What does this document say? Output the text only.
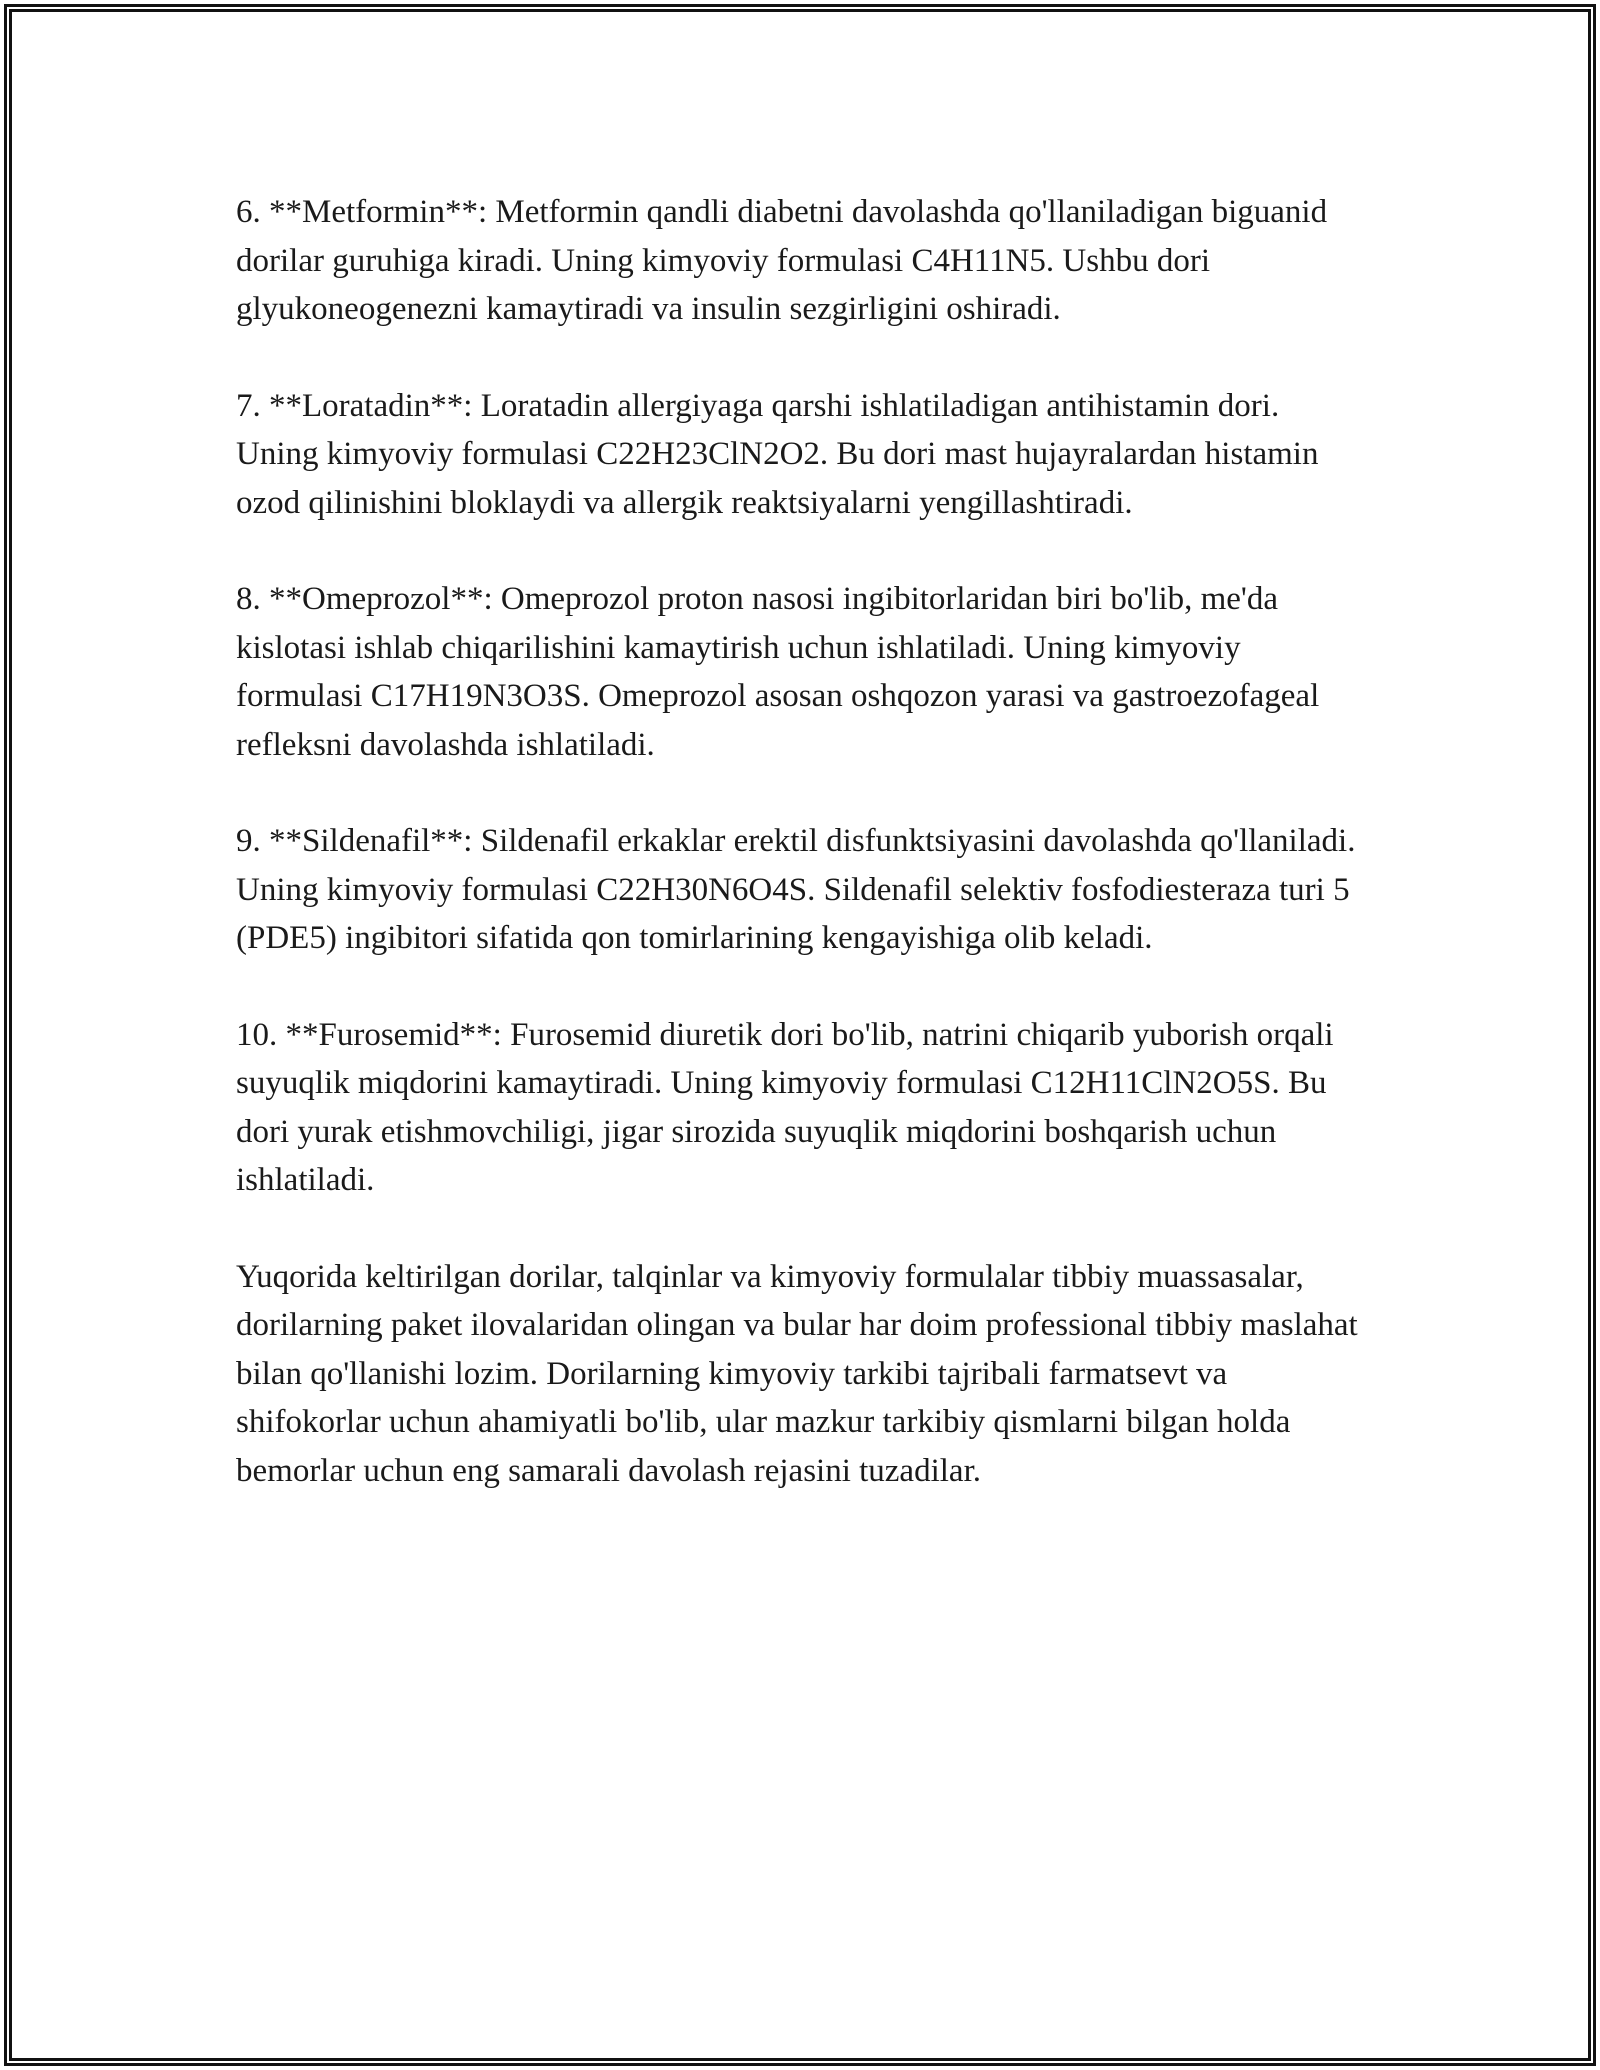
6. **Metformin**: Metformin qandli diabetni davolashda qo'llaniladigan biguanid dorilar guruhiga kiradi. Uning kimyoviy formulasi C4H11N5. Ushbu dori glyukoneogenezni kamaytiradi va insulin sezgirligini oshiradi.

7. **Loratadin**: Loratadin allergiyaga qarshi ishlatiladigan antihistamin dori. Uning kimyoviy formulasi C22H23ClN2O2. Bu dori mast hujayralardan histamin ozod qilinishini bloklaydi va allergik reaktsiyalarni yengillashtiradi.

8. **Omeprozol**: Omeprozol proton nasosi ingibitorlaridan biri bo'lib, me'da kislotasi ishlab chiqarilishini kamaytirish uchun ishlatiladi. Uning kimyoviy formulasi C17H19N3O3S. Omeprozol asosan oshqozon yarasi va gastroezofageal refleksni davolashda ishlatiladi.

9. **Sildenafil**: Sildenafil erkaklar erektil disfunktsiyasini davolashda qo'llaniladi. Uning kimyoviy formulasi C22H30N6O4S. Sildenafil selektiv fosfodiesteraza turi 5 (PDE5) ingibitori sifatida qon tomirlarining kengayishiga olib keladi.

10. **Furosemid**: Furosemid diuretik dori bo'lib, natrini chiqarib yuborish orqali suyuqlik miqdorini kamaytiradi. Uning kimyoviy formulasi C12H11ClN2O5S. Bu dori yurak etishmovchiligi, jigar sirozida suyuqlik miqdorini boshqarish uchun ishlatiladi.

Yuqorida keltirilgan dorilar, talqinlar va kimyoviy formulalar tibbiy muassasalar, dorilarning paket ilovalaridan olingan va bular har doim professional tibbiy maslahat bilan qo'llanishi lozim. Dorilarning kimyoviy tarkibi tajribali farmatsevt va shifokorlar uchun ahamiyatli bo'lib, ular mazkur tarkibiy qismlarni bilgan holda bemorlar uchun eng samarali davolash rejasini tuzadilar.
